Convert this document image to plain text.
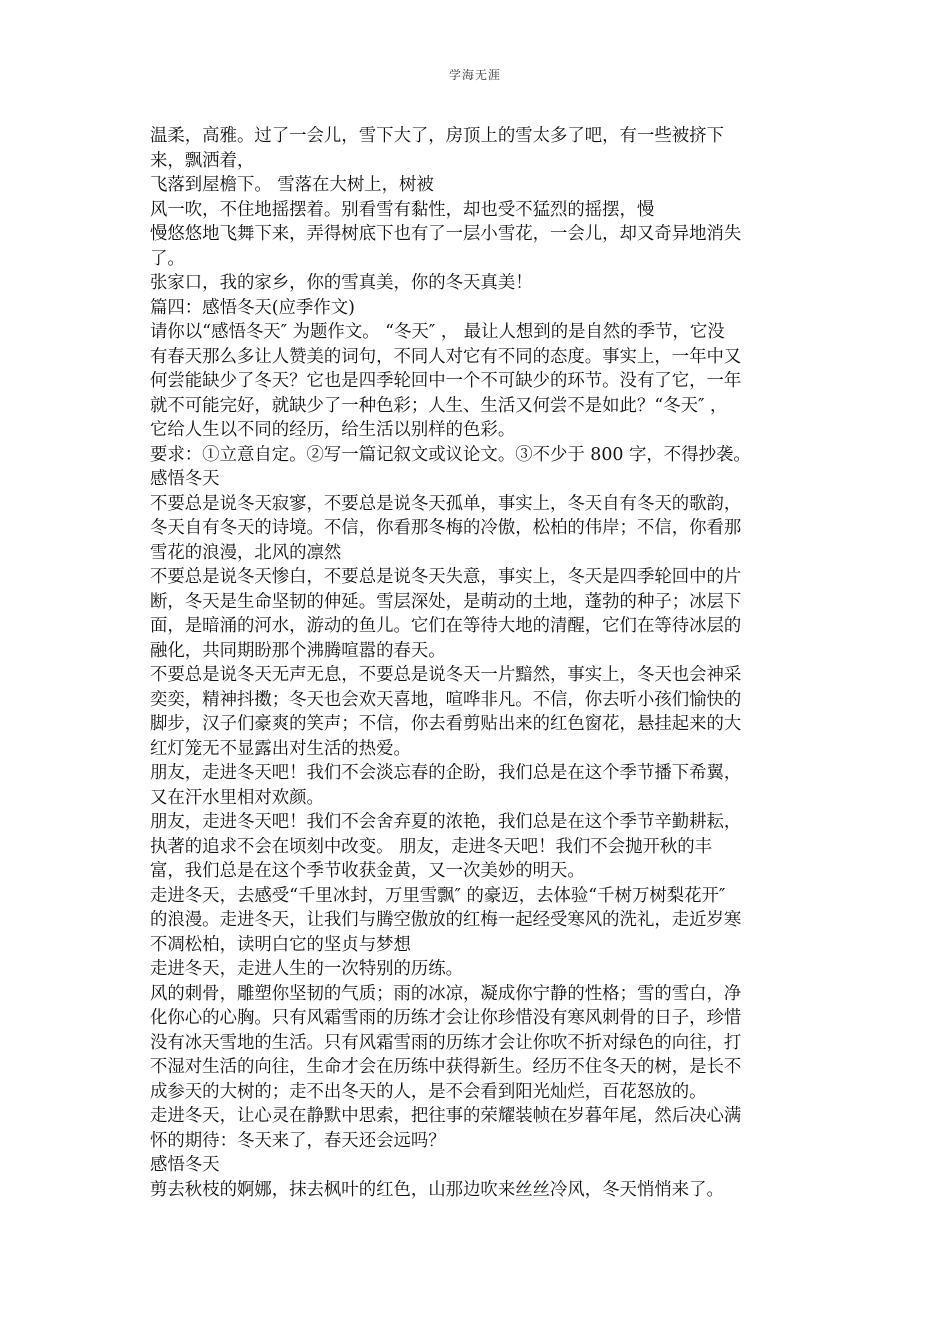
学海无涯
温柔，高雅。过了一会儿，雪下大了，房顶上的雪太多了吧，有一些被挤下
来，飘洒着，
飞落到屋檐下。 雪落在大树上，树被
风一吹，不住地摇摆着。别看雪有黏性，却也受不猛烈的摇摆，慢
慢悠悠地飞舞下来，弄得树底下也有了一层小雪花，一会儿，却又奇异地消失
了。
张家口，我的家乡，你的雪真美，你的冬天真美！
篇四：感悟冬天(应季作文)
请你以“感悟冬天″ 为题作文。 “冬天″ ， 最让人想到的是自然的季节，它没
有春天那么多让人赞美的词句，不同人对它有不同的态度。事实上，一年中又
何尝能缺少了冬天？它也是四季轮回中一个不可缺少的环节。没有了它，一年
就不可能完好，就缺少了一种色彩；人生、生活又何尝不是如此？“冬天″ ，
它给人生以不同的经历，给生活以别样的色彩。
要求：①立意自定。②写一篇记叙文或议论文。③不少于 800 字，不得抄袭。
感悟冬天
不要总是说冬天寂寥，不要总是说冬天孤单，事实上，冬天自有冬天的歌韵，
冬天自有冬天的诗境。不信，你看那冬梅的冷傲，松柏的伟岸；不信，你看那
雪花的浪漫，北风的凛然
不要总是说冬天惨白，不要总是说冬天失意，事实上，冬天是四季轮回中的片
断，冬天是生命坚韧的伸延。雪层深处，是萌动的土地，蓬勃的种子；冰层下
面，是暗涌的河水，游动的鱼儿。它们在等待大地的清醒，它们在等待冰层的
融化，共同期盼那个沸腾喧嚣的春天。
不要总是说冬天无声无息，不要总是说冬天一片黯然，事实上，冬天也会神采
奕奕，精神抖擞；冬天也会欢天喜地，喧哗非凡。不信，你去听小孩们愉快的
脚步，汉子们豪爽的笑声；不信，你去看剪贴出来的红色窗花，悬挂起来的大
红灯笼无不显露出对生活的热爱。
朋友，走进冬天吧！我们不会淡忘春的企盼，我们总是在这个季节播下希翼，
又在汗水里相对欢颜。
朋友，走进冬天吧！我们不会舍弃夏的浓艳，我们总是在这个季节辛勤耕耘，
执著的追求不会在顷刻中改变。 朋友，走进冬天吧！我们不会抛开秋的丰
富，我们总是在这个季节收获金黄，又一次美妙的明天。
走进冬天，去感受“千里冰封，万里雪飘″ 的豪迈，去体验“千树万树梨花开″
的浪漫。走进冬天，让我们与腾空傲放的红梅一起经受寒风的洗礼，走近岁寒
不凋松柏，读明白它的坚贞与梦想
走进冬天，走进人生的一次特别的历练。
风的刺骨，雕塑你坚韧的气质；雨的冰凉，凝成你宁静的性格；雪的雪白，净
化你心的心胸。只有风霜雪雨的历练才会让你珍惜没有寒风刺骨的日子，珍惜
没有冰天雪地的生活。只有风霜雪雨的历练才会让你吹不折对绿色的向往，打
不湿对生活的向往，生命才会在历练中获得新生。经历不住冬天的树，是长不
成参天的大树的；走不出冬天的人，是不会看到阳光灿烂，百花怒放的。
走进冬天，让心灵在静默中思索，把往事的荣耀装帧在岁暮年尾，然后决心满
怀的期待：冬天来了，春天还会远吗？
感悟冬天
剪去秋枝的婀娜，抹去枫叶的红色，山那边吹来丝丝冷风，冬天悄悄来了。
